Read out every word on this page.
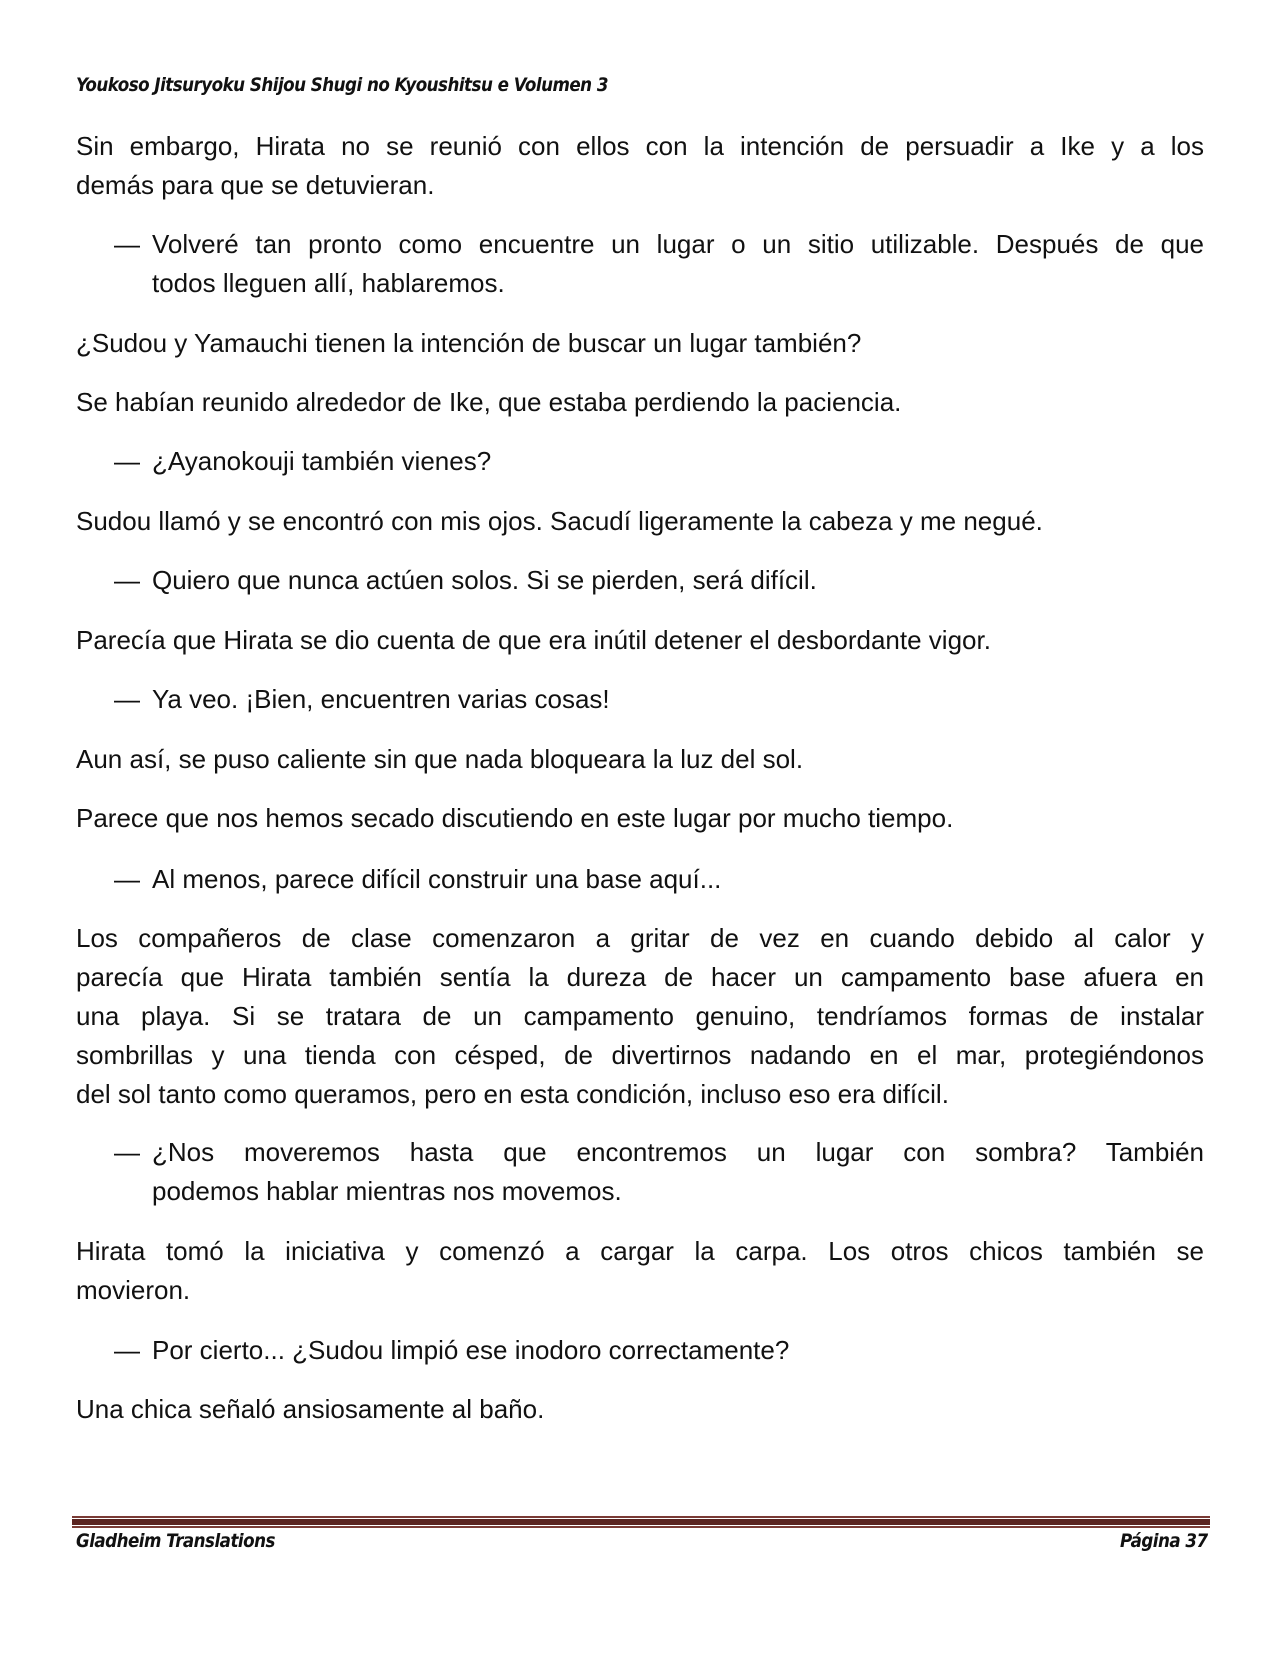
Youkoso Jitsuryoku Shijou Shugi no Kyoushitsu e Volumen 3
Sin embargo, Hirata no se reunió con ellos con la intención de persuadir a Ike y a los
demás para que se detuvieran.
— Volveré tan pronto como encuentre un lugar o un sitio utilizable. Después de que
todos lleguen allí, hablaremos.
¿Sudou y Yamauchi tienen la intención de buscar un lugar también?
Se habían reunido alrededor de Ike, que estaba perdiendo la paciencia.
— ¿Ayanokouji también vienes?
Sudou llamó y se encontró con mis ojos. Sacudí ligeramente la cabeza y me negué.
— Quiero que nunca actúen solos. Si se pierden, será difícil.
Parecía que Hirata se dio cuenta de que era inútil detener el desbordante vigor.
— Ya veo. ¡Bien, encuentren varias cosas!
Aun así, se puso caliente sin que nada bloqueara la luz del sol.
Parece que nos hemos secado discutiendo en este lugar por mucho tiempo.
— Al menos, parece difícil construir una base aquí...
Los compañeros de clase comenzaron a gritar de vez en cuando debido al calor y
parecía que Hirata también sentía la dureza de hacer un campamento base afuera en
una playa. Si se tratara de un campamento genuino, tendríamos formas de instalar
sombrillas y una tienda con césped, de divertirnos nadando en el mar, protegiéndonos
del sol tanto como queramos, pero en esta condición, incluso eso era difícil.
— ¿Nos moveremos hasta que encontremos un lugar con sombra? También
podemos hablar mientras nos movemos.
Hirata tomó la iniciativa y comenzó a cargar la carpa. Los otros chicos también se
movieron.
— Por cierto... ¿Sudou limpió ese inodoro correctamente?
Una chica señaló ansiosamente al baño.
Gladheim Translations	Página 37
